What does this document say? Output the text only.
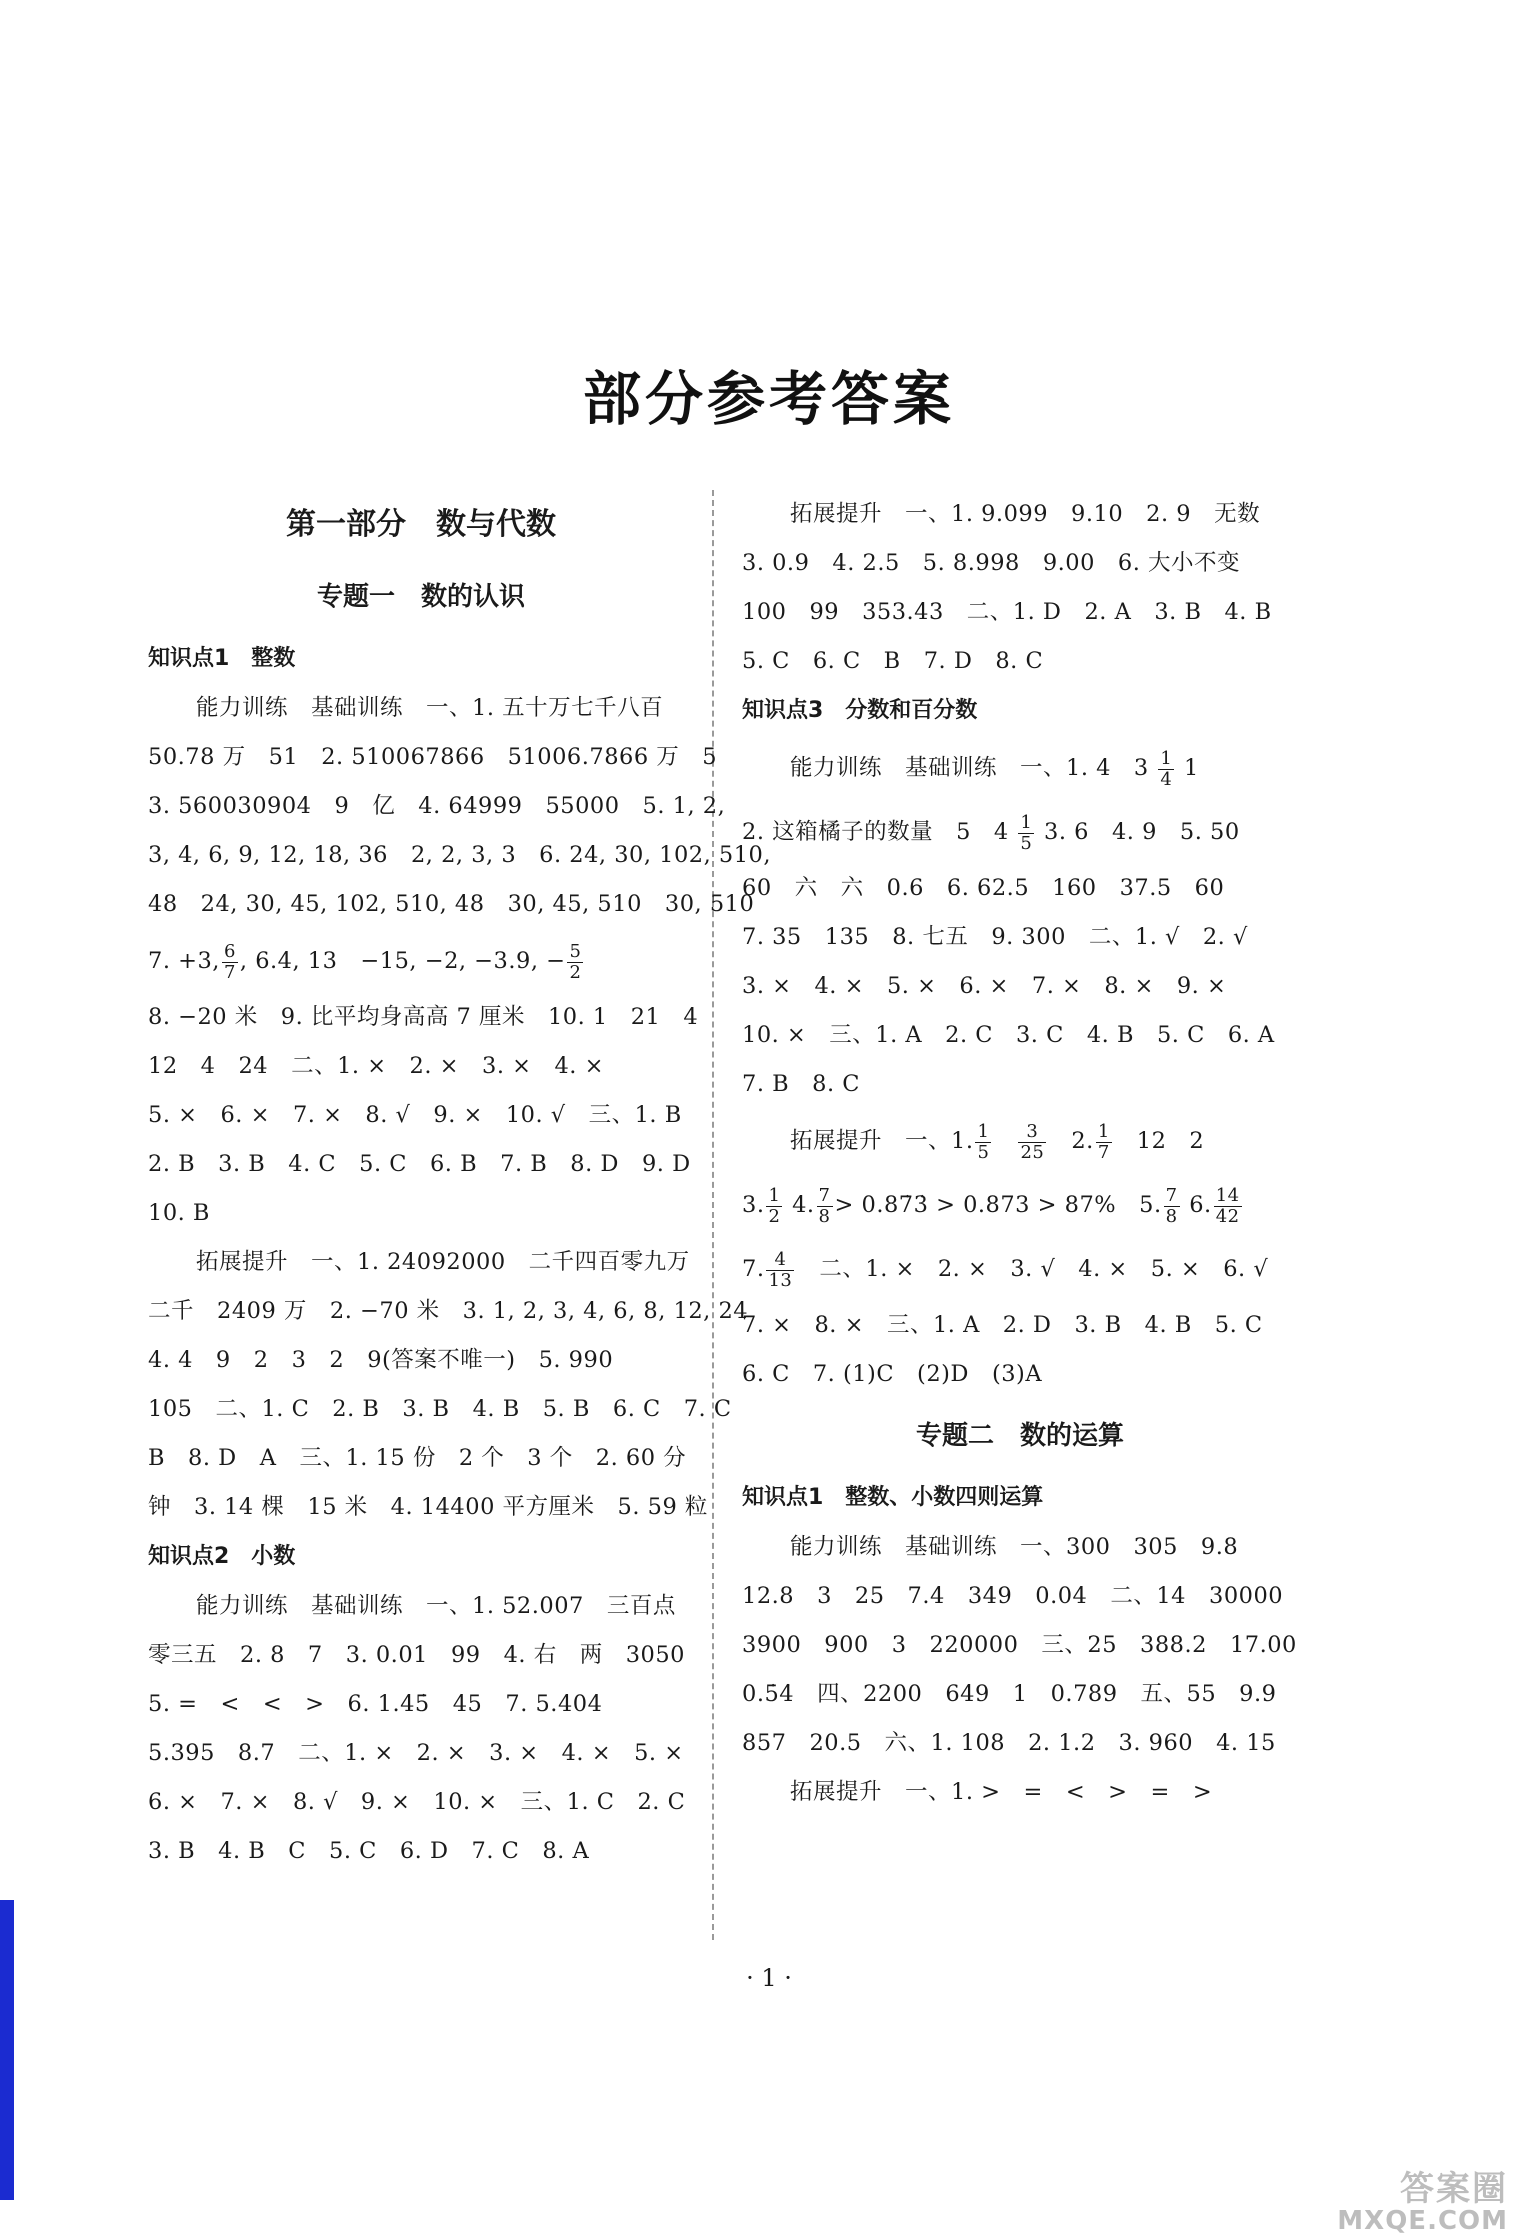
部分参考答案
第一部分　数与代数
专题一　数的认识
知识点1　整数
能力训练　基础训练　一、1. 五十万七千八百
50.78 万　51　2. 510067866　51006.7866 万　5
3. 560030904　9　亿　4. 64999　55000　5. 1, 2,
3, 4, 6, 9, 12, 18, 36　2, 2, 3, 3　6. 24, 30, 102, 510,
48　24, 30, 45, 102, 510, 48　30, 45, 510　30, 510
7. +3, $\frac{6}{7}$ , 6.4, 13　−15, −2, −3.9, − $\frac{5}{2}$
8. −20 米　9. 比平均身高高 7 厘米　10. 1　21　4
12　4　24　二、1. ×　2. ×　3. ×　4. ×
5. ×　6. ×　7. ×　8. √　9. ×　10. √　三、1. B
2. B　3. B　4. C　5. C　6. B　7. B　8. D　9. D
10. B
拓展提升　一、1. 24092000　二千四百零九万
二千　2409 万　2. −70 米　3. 1, 2, 3, 4, 6, 8, 12, 24
4. 4　9　2　3　2　9(答案不唯一)　5. 990
105　二、1. C　2. B　3. B　4. B　5. B　6. C　7. C
B　8. D　A　三、1. 15 份　2 个　3 个　2. 60 分
钟　3. 14 棵　15 米　4. 14400 平方厘米　5. 59 粒
知识点2　小数
能力训练　基础训练　一、1. 52.007　三百点
零三五　2. 8　7　3. 0.01　99　4. 右　两　3050
5. =　<　<　>　6. 1.45̇　45　7. 5.404
5.395　8.7　二、1. ×　2. ×　3. ×　4. ×　5. ×
6. ×　7. ×　8. √　9. ×　10. ×　三、1. C　2. C
3. B　4. B　C　5. C　6. D　7. C　8. A
拓展提升　一、1. 9.099　9.10　2. 9　无数
3. 0.9　4. 2.5　5. 8.998　9.00　6. 大小不变
100　99　353.43　二、1. D　2. A　3. B　4. B
5. C　6. C　B　7. D　8. C
知识点3　分数和百分数
能力训练　基础训练　一、1. 4　$3 \frac{1}{4} 1$
2. 这箱橘子的数量　5　$4 \frac{1}{5} 3$. 6　4. 9　5. 50
60　六　六　0.6　6. 62.5　160　37.5　60
7. 35　135　8. 七五　9. 300　二、1. √　2. √
3. ×　4. ×　5. ×　6. ×　7. ×　8. ×　9. ×
10. ×　三、1. A　2. C　3. C　4. B　5. C　6. A
7. B　8. C
拓展提升　一、1. $\frac{1}{5}$
　 $\frac{3}{25}$
　 2. $\frac{1}{7}$
　 12　2
3. $\frac{1}{2} 4$. $\frac{7}{8}$ > 0.87̇3̇ > 0.873 > 87%　5. $\frac{7}{8} 6$. $\frac{14}{42}$
7. $\frac{4}{13}$
　 二、1. ×　2. ×　3. √　4. ×　5. ×　6. √
7. ×　8. ×　三、1. A　2. D　3. B　4. B　5. C
6. C　7. (1)C　(2)D　(3)A
专题二　数的运算
知识点1　整数、小数四则运算
能力训练　基础训练　一、300　305　9.8
12.8　3　25　7.4　349　0.04　二、14　30000
3900　900　3　220000　三、25　388.2　17.00
0.5̇4̇　四、2200　649　1　0.789　五、55　9.9
857　20.5　六、1. 108　2. 1.2　3. 960　4. 15
拓展提升　一、1. >　=　<　>　=　>
· 1 ·
答案圈
MXQE.COM
